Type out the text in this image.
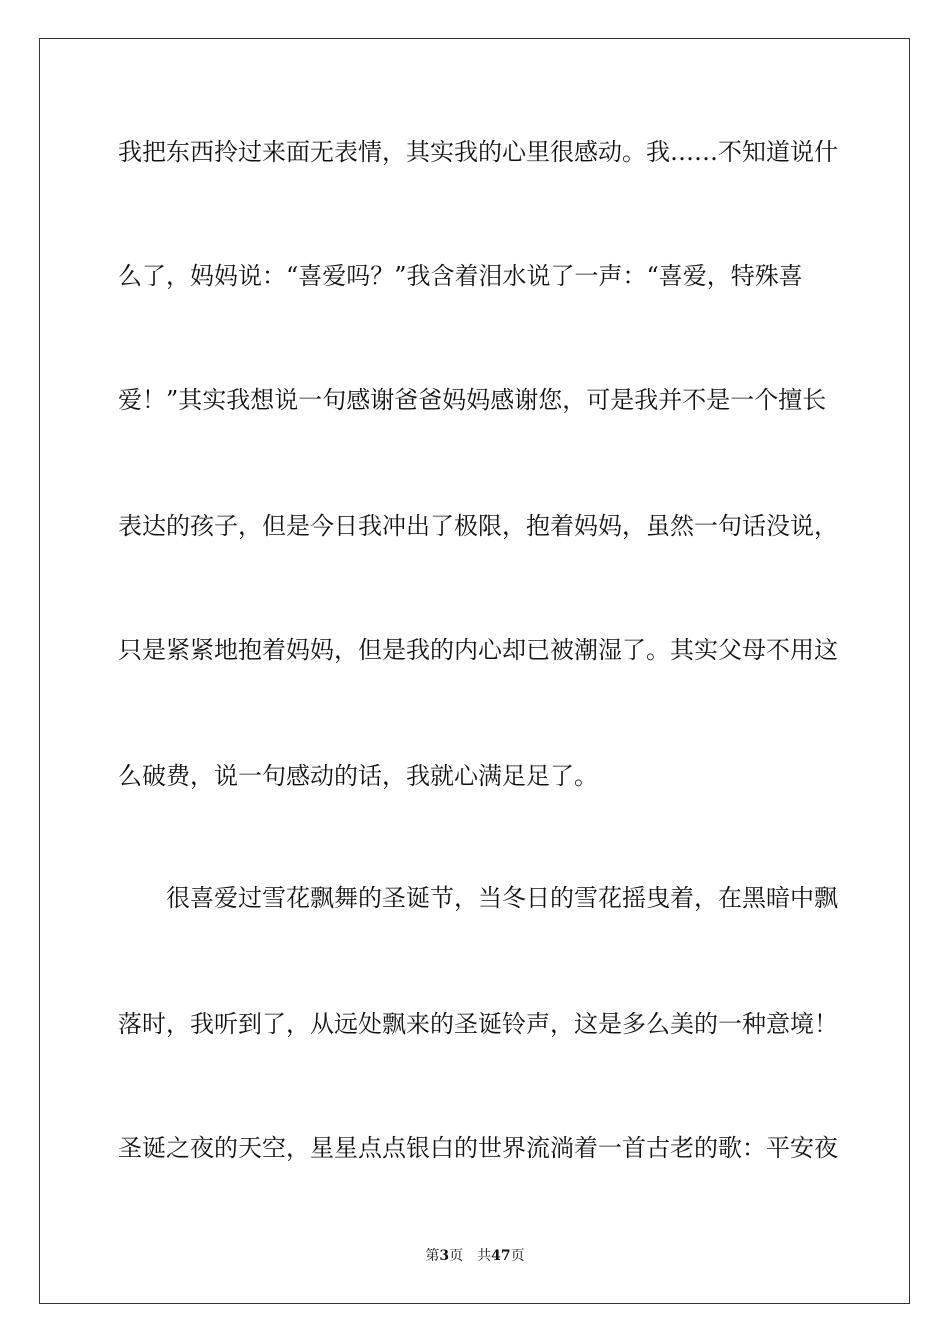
我把东西拎过来面无表情，其实我的心里很感动。我……不知道说什
么了，妈妈说：“喜爱吗？”我含着泪水说了一声：“喜爱，特殊喜
爱！”其实我想说一句感谢爸爸妈妈感谢您，可是我并不是一个擅长
表达的孩子，但是今日我冲出了极限，抱着妈妈，虽然一句话没说，
只是紧紧地抱着妈妈，但是我的内心却已被潮湿了。其实父母不用这
么破费，说一句感动的话，我就心满足足了。
很喜爱过雪花飘舞的圣诞节，当冬日的雪花摇曳着，在黑暗中飘
落时，我听到了，从远处飘来的圣诞铃声，这是多么美的一种意境！
圣诞之夜的天空，星星点点银白的世界流淌着一首古老的歌：平安夜
第3页 共47页
